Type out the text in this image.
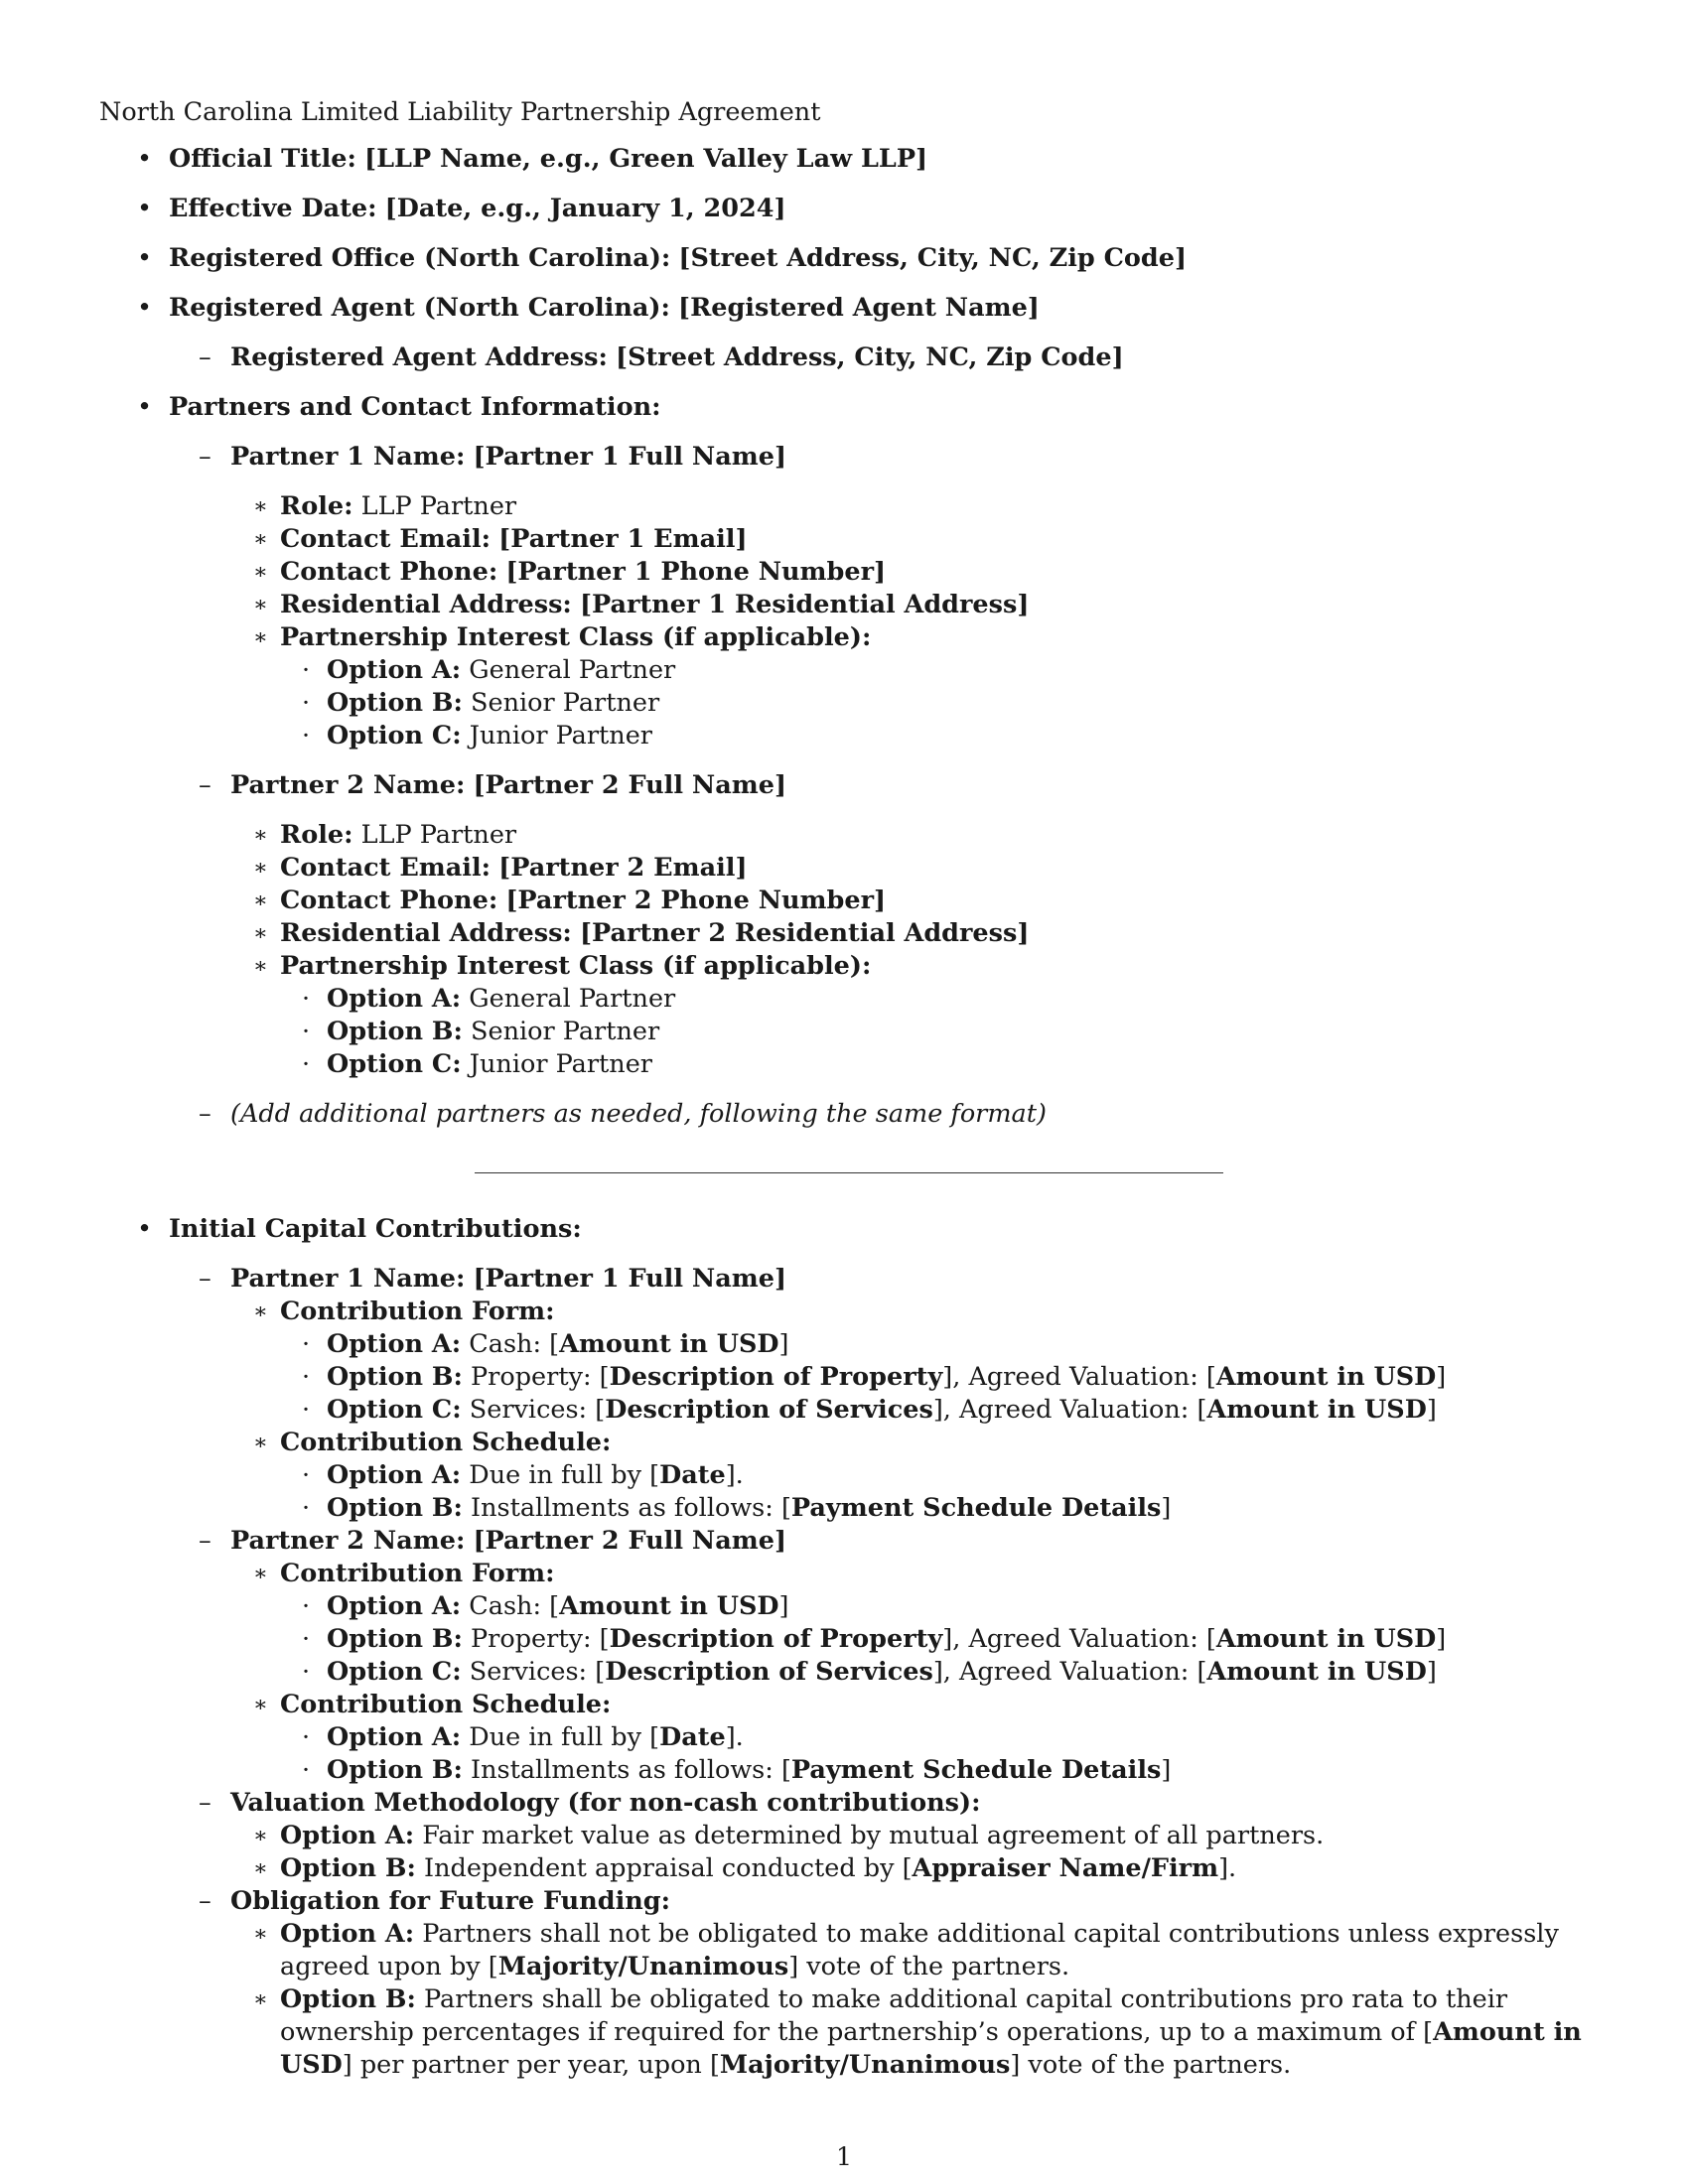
North Carolina Limited Liability Partnership Agreement
• Official Title: [LLP Name, e.g., Green Valley Law LLP]
• Effective Date: [Date, e.g., January 1, 2024]
• Registered Office (North Carolina): [Street Address, City, NC, Zip Code]
• Registered Agent (North Carolina): [Registered Agent Name]
– Registered Agent Address: [Street Address, City, NC, Zip Code]
• Partners and Contact Information:
– Partner 1 Name: [Partner 1 Full Name]
∗ Role: LLP Partner
∗ Contact Email: [Partner 1 Email]
∗ Contact Phone: [Partner 1 Phone Number]
∗ Residential Address: [Partner 1 Residential Address]
∗ Partnership Interest Class (if applicable):
· Option A: General Partner
· Option B: Senior Partner
· Option C: Junior Partner
– Partner 2 Name: [Partner 2 Full Name]
∗ Role: LLP Partner
∗ Contact Email: [Partner 2 Email]
∗ Contact Phone: [Partner 2 Phone Number]
∗ Residential Address: [Partner 2 Residential Address]
∗ Partnership Interest Class (if applicable):
· Option A: General Partner
· Option B: Senior Partner
· Option C: Junior Partner
– (Add additional partners as needed, following the same format)
• Initial Capital Contributions:
– Partner 1 Name: [Partner 1 Full Name]
∗ Contribution Form:
· Option A: Cash: [Amount in USD]
· Option B: Property: [Description of Property], Agreed Valuation: [Amount in USD]
· Option C: Services: [Description of Services], Agreed Valuation: [Amount in USD]
∗ Contribution Schedule:
· Option A: Due in full by [Date].
· Option B: Installments as follows: [Payment Schedule Details]
– Partner 2 Name: [Partner 2 Full Name]
∗ Contribution Form:
· Option A: Cash: [Amount in USD]
· Option B: Property: [Description of Property], Agreed Valuation: [Amount in USD]
· Option C: Services: [Description of Services], Agreed Valuation: [Amount in USD]
∗ Contribution Schedule:
· Option A: Due in full by [Date].
· Option B: Installments as follows: [Payment Schedule Details]
– Valuation Methodology (for non-cash contributions):
∗ Option A: Fair market value as determined by mutual agreement of all partners.
∗ Option B: Independent appraisal conducted by [Appraiser Name/Firm].
– Obligation for Future Funding:
∗ Option A: Partners shall not be obligated to make additional capital contributions unless expressly agreed upon by [Majority/Unanimous] vote of the partners.
∗ Option B: Partners shall be obligated to make additional capital contributions pro rata to their ownership percentages if required for the partnership’s operations, up to a maximum of [Amount in USD] per partner per year, upon [Majority/Unanimous] vote of the partners.
1
